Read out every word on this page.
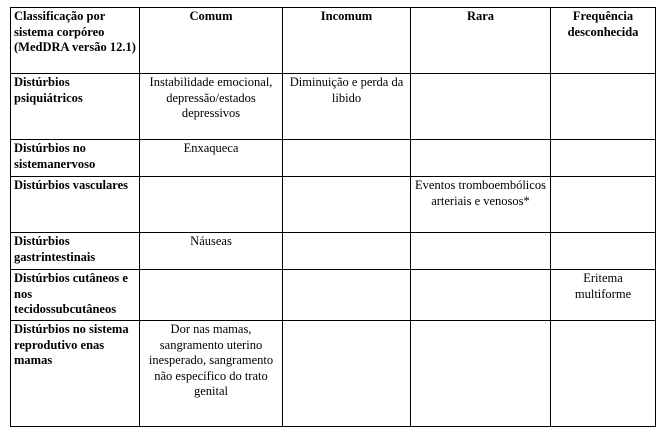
Classificação por sistema corpóreo (MedDRA versão 12.1)	Comum	Incomum	Rara	Frequência desconhecida
Distúrbios psiquiátricos	Instabilidade emocional, depressão/estados depressivos	Diminuição e perda da libido		
Distúrbios no sistemanervoso	Enxaqueca			
Distúrbios vasculares			Eventos tromboembólicos arteriais e venosos*	
Distúrbios gastrintestinais	Náuseas			
Distúrbios cutâneos e nos tecidossubcutâneos				Eritema multiforme
Distúrbios no sistema reprodutivo enas mamas	Dor nas mamas, sangramento uterino inesperado, sangramento não específico do trato genital			
